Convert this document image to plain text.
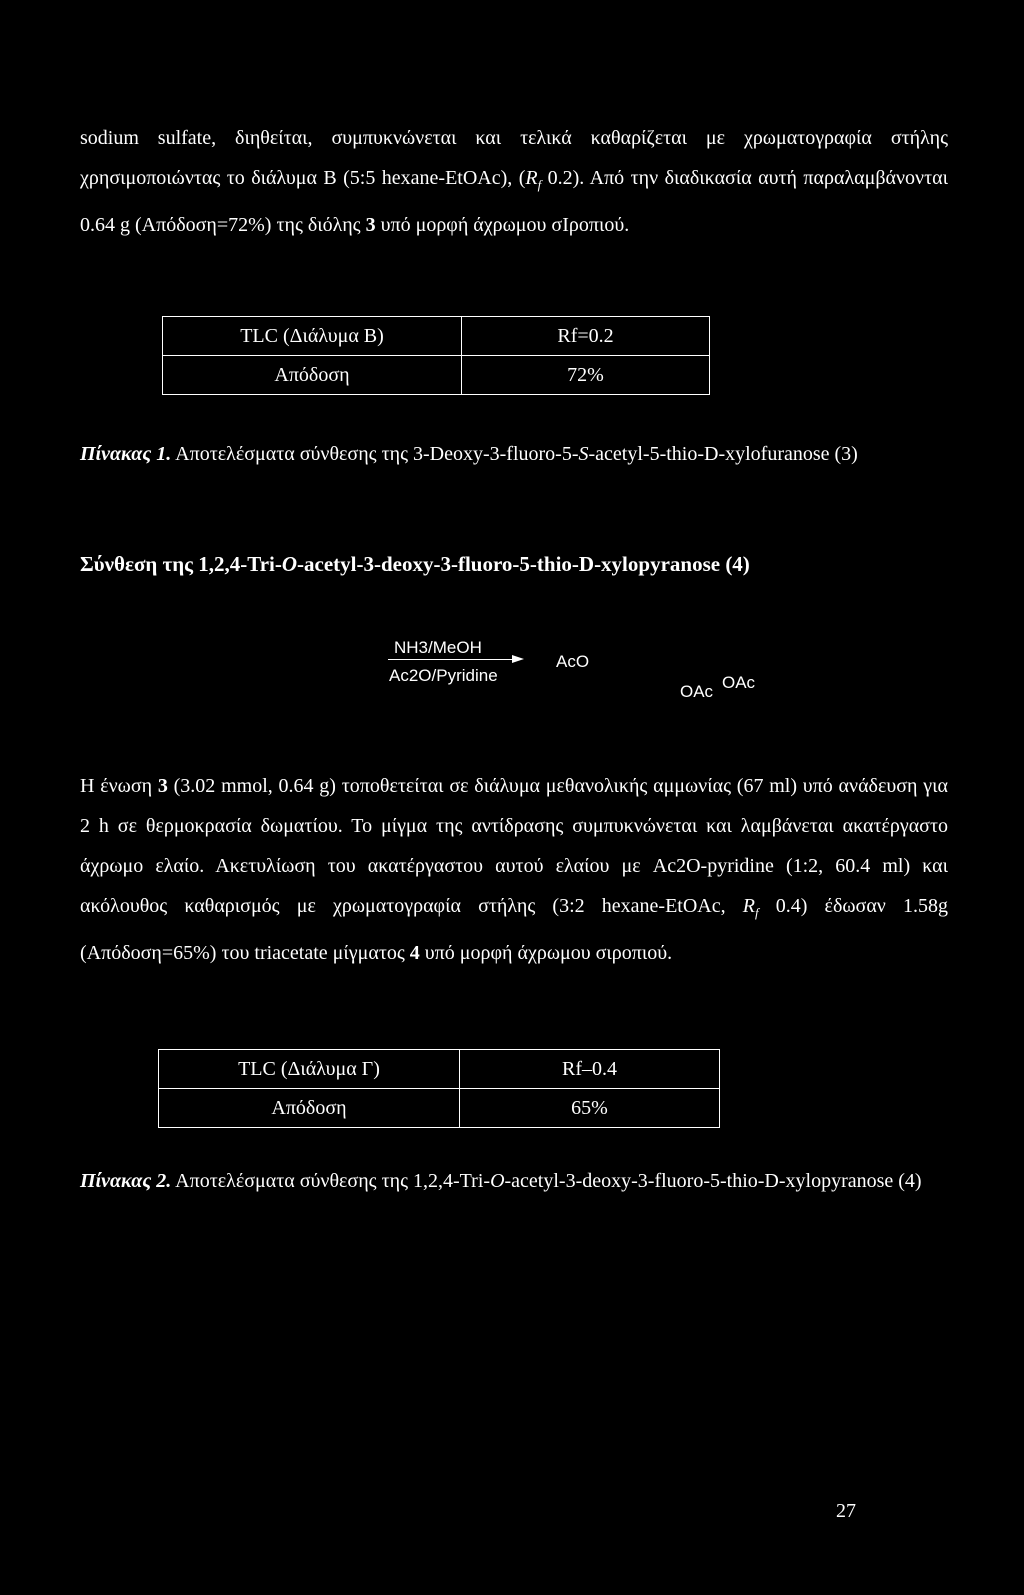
sodium sulfate, διηθείται, συμπυκνώνεται και τελικά καθαρίζεται με χρωματογραφία στήλης χρησιμοποιώντας το διάλυμα Β (5:5 hexane-EtOAc), ($R_f$ 0.2). Από την διαδικασία αυτή παραλαμβάνονται 0.64 g (Απόδοση=72%) της διόλης 3 υπό μορφή άχρωμου σIροπιού.
TLC (Διάλυμα Β)	Rf=0.2
Απόδοση	72%
Πίνακας 1. Αποτελέσματα σύνθεσης της 3-Deoxy-3-fluoro-5-S-acetyl-5-thio-D-xylofuranose (3)
Σύνθεση της 1,2,4-Tri-O-acetyl-3-deoxy-3-fluoro-5-thio-D-xylopyranose (4)
NH3/MeOH
Ac2O/Pyridine
AcO
OAc OAc
Η ένωση 3 (3.02 mmol, 0.64 g) τοποθετείται σε διάλυμα μεθανολικής αμμωνίας (67 ml) υπό ανάδευση για 2 h σε θερμοκρασία δωματίου. Το μίγμα της αντίδρασης συμπυκνώνεται και λαμβάνεται ακατέργαστο άχρωμο ελαίο. Ακετυλίωση του ακατέργαστου αυτού ελαίου με Ac2O-pyridine (1:2, 60.4 ml) και ακόλουθος καθαρισμός με χρωματογραφία στήλης (3:2 hexane-EtOAc, $R_f$ 0.4) έδωσαν 1.58g (Απόδοση=65%) του triacetate μίγματος 4 υπό μορφή άχρωμου σιροπιού.
TLC (Διάλυμα Γ)	Rf–0.4
Απόδοση	65%
Πίνακας 2. Αποτελέσματα σύνθεσης της 1,2,4-Tri-O-acetyl-3-deoxy-3-fluoro-5-thio-D-xylopyranose (4)
27
